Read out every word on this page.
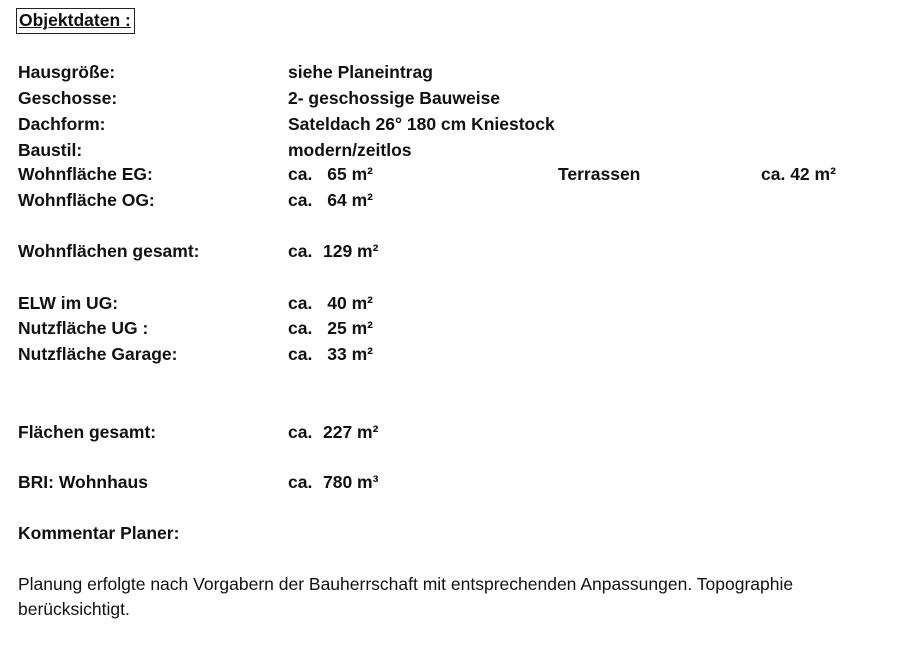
Objektdaten :
Hausgröße:	siehe Planeintrag
Geschosse:	2- geschossige Bauweise
Dachform:	Sateldach 26° 180 cm Kniestock
Baustil:	modern/zeitlos
Wohnfläche EG:	ca. 65 m²	Terrassen	ca. 42 m²
Wohnfläche OG:	ca. 64 m²
Wohnflächen gesamt:	ca. 129 m²
ELW im UG:	ca. 40 m²
Nutzfläche UG :	ca. 25 m²
Nutzfläche Garage:	ca. 33 m²
Flächen gesamt:	ca. 227 m²
BRI: Wohnhaus	ca. 780 m³
Kommentar Planer:
Planung erfolgte nach Vorgabern der Bauherrschaft mit entsprechenden Anpassungen. Topographie berücksichtigt.
